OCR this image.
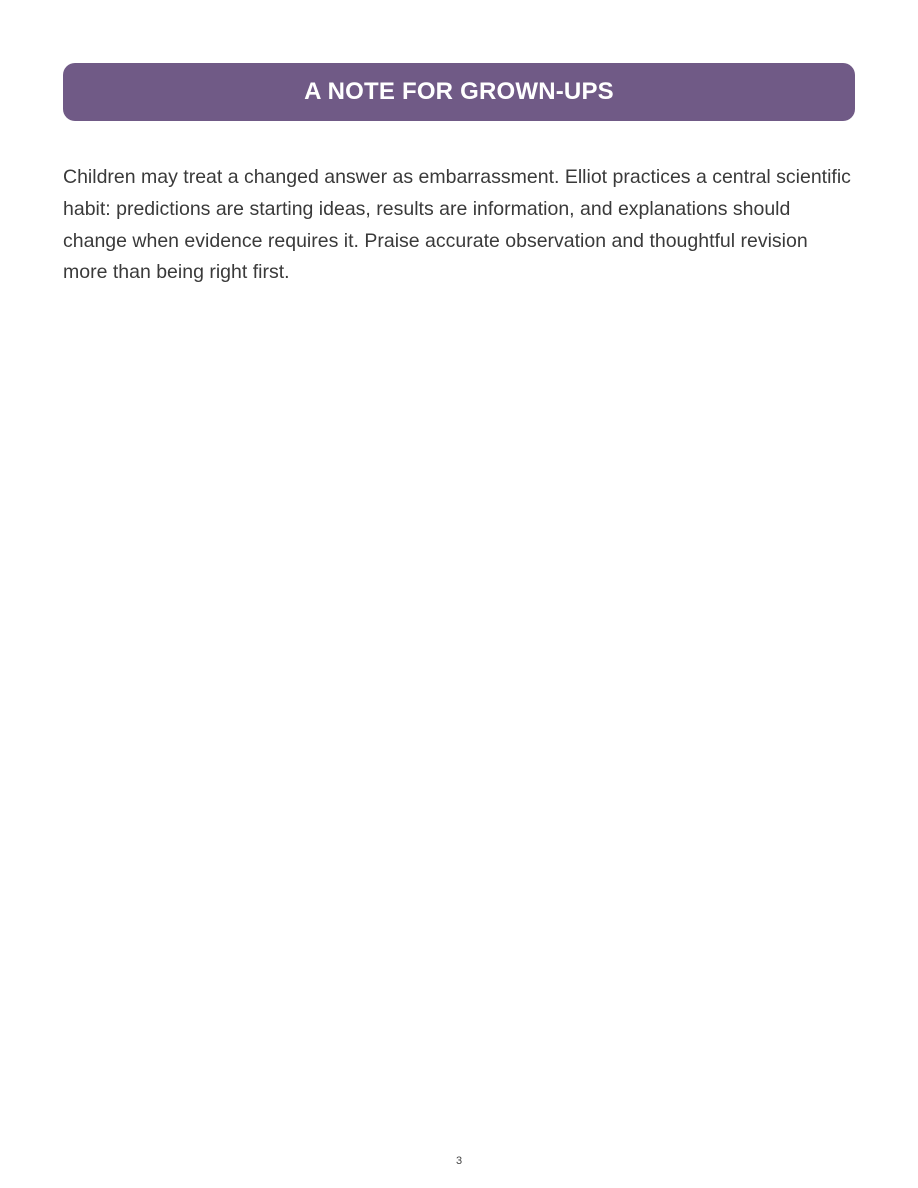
A NOTE FOR GROWN-UPS

Children may treat a changed answer as embarrassment. Elliot practices a central scientific habit: predictions are starting ideas, results are information, and explanations should change when evidence requires it. Praise accurate observation and thoughtful revision more than being right first.

3
